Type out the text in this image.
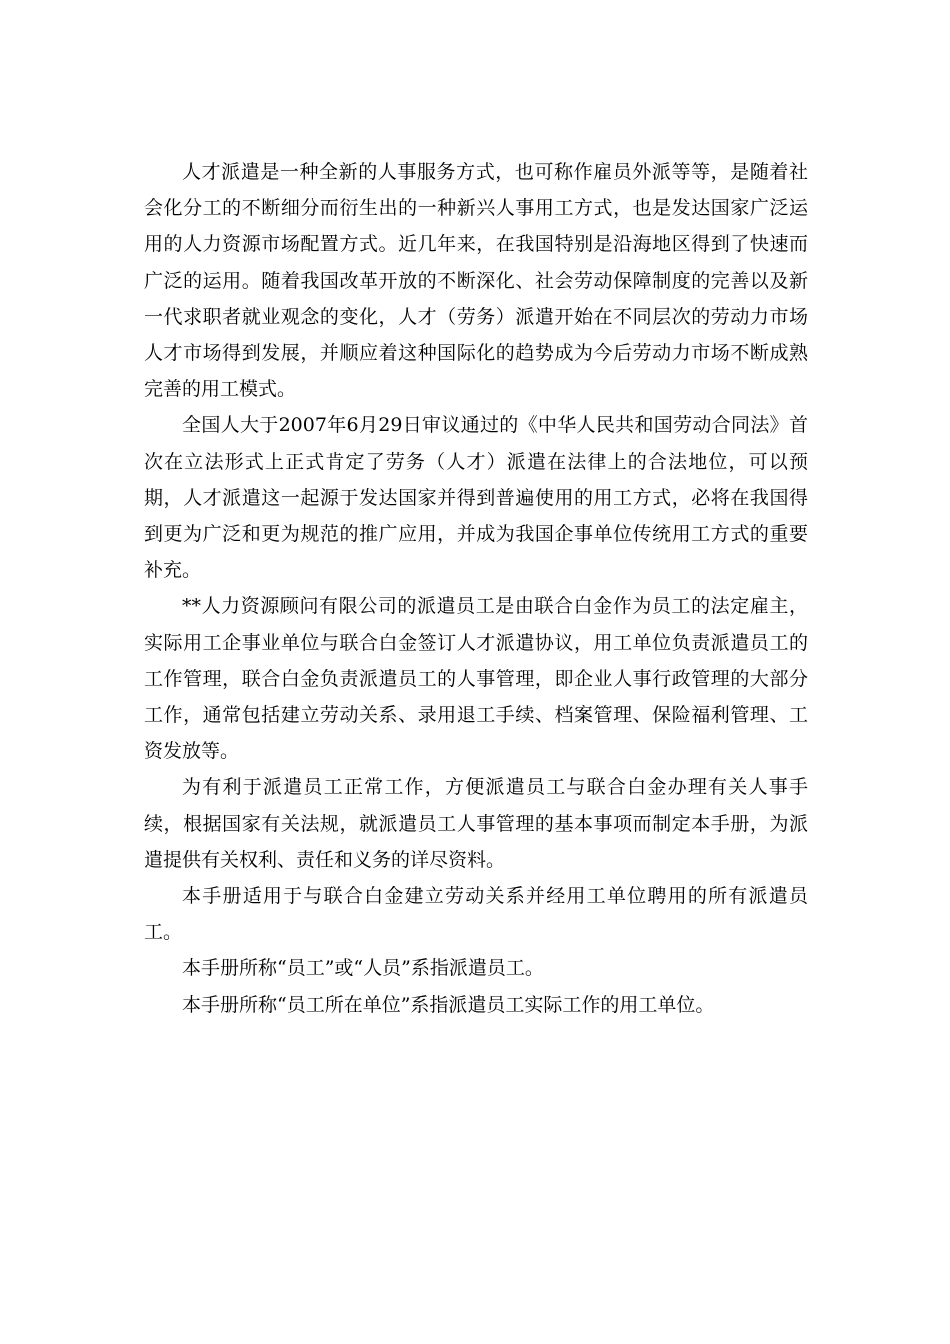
人才派遣是一种全新的人事服务方式，也可称作雇员外派等等，是随着社会化分工的不断细分而衍生出的一种新兴人事用工方式，也是发达国家广泛运用的人力资源市场配置方式。近几年来，在我国特别是沿海地区得到了快速而广泛的运用。随着我国改革开放的不断深化、社会劳动保障制度的完善以及新一代求职者就业观念的变化，人才（劳务）派遣开始在不同层次的劳动力市场人才市场得到发展，并顺应着这种国际化的趋势成为今后劳动力市场不断成熟完善的用工模式。

全国人大于2007年6月29日审议通过的《中华人民共和国劳动合同法》首次在立法形式上正式肯定了劳务（人才）派遣在法律上的合法地位，可以预期，人才派遣这一起源于发达国家并得到普遍使用的用工方式，必将在我国得到更为广泛和更为规范的推广应用，并成为我国企事单位传统用工方式的重要补充。

**人力资源顾问有限公司的派遣员工是由联合白金作为员工的法定雇主，实际用工企事业单位与联合白金签订人才派遣协议，用工单位负责派遣员工的工作管理，联合白金负责派遣员工的人事管理，即企业人事行政管理的大部分工作，通常包括建立劳动关系、录用退工手续、档案管理、保险福利管理、工资发放等。

为有利于派遣员工正常工作，方便派遣员工与联合白金办理有关人事手续，根据国家有关法规，就派遣员工人事管理的基本事项而制定本手册，为派遣提供有关权利、责任和义务的详尽资料。

本手册适用于与联合白金建立劳动关系并经用工单位聘用的所有派遣员工。

本手册所称“员工”或“人员”系指派遣员工。

本手册所称“员工所在单位”系指派遣员工实际工作的用工单位。
